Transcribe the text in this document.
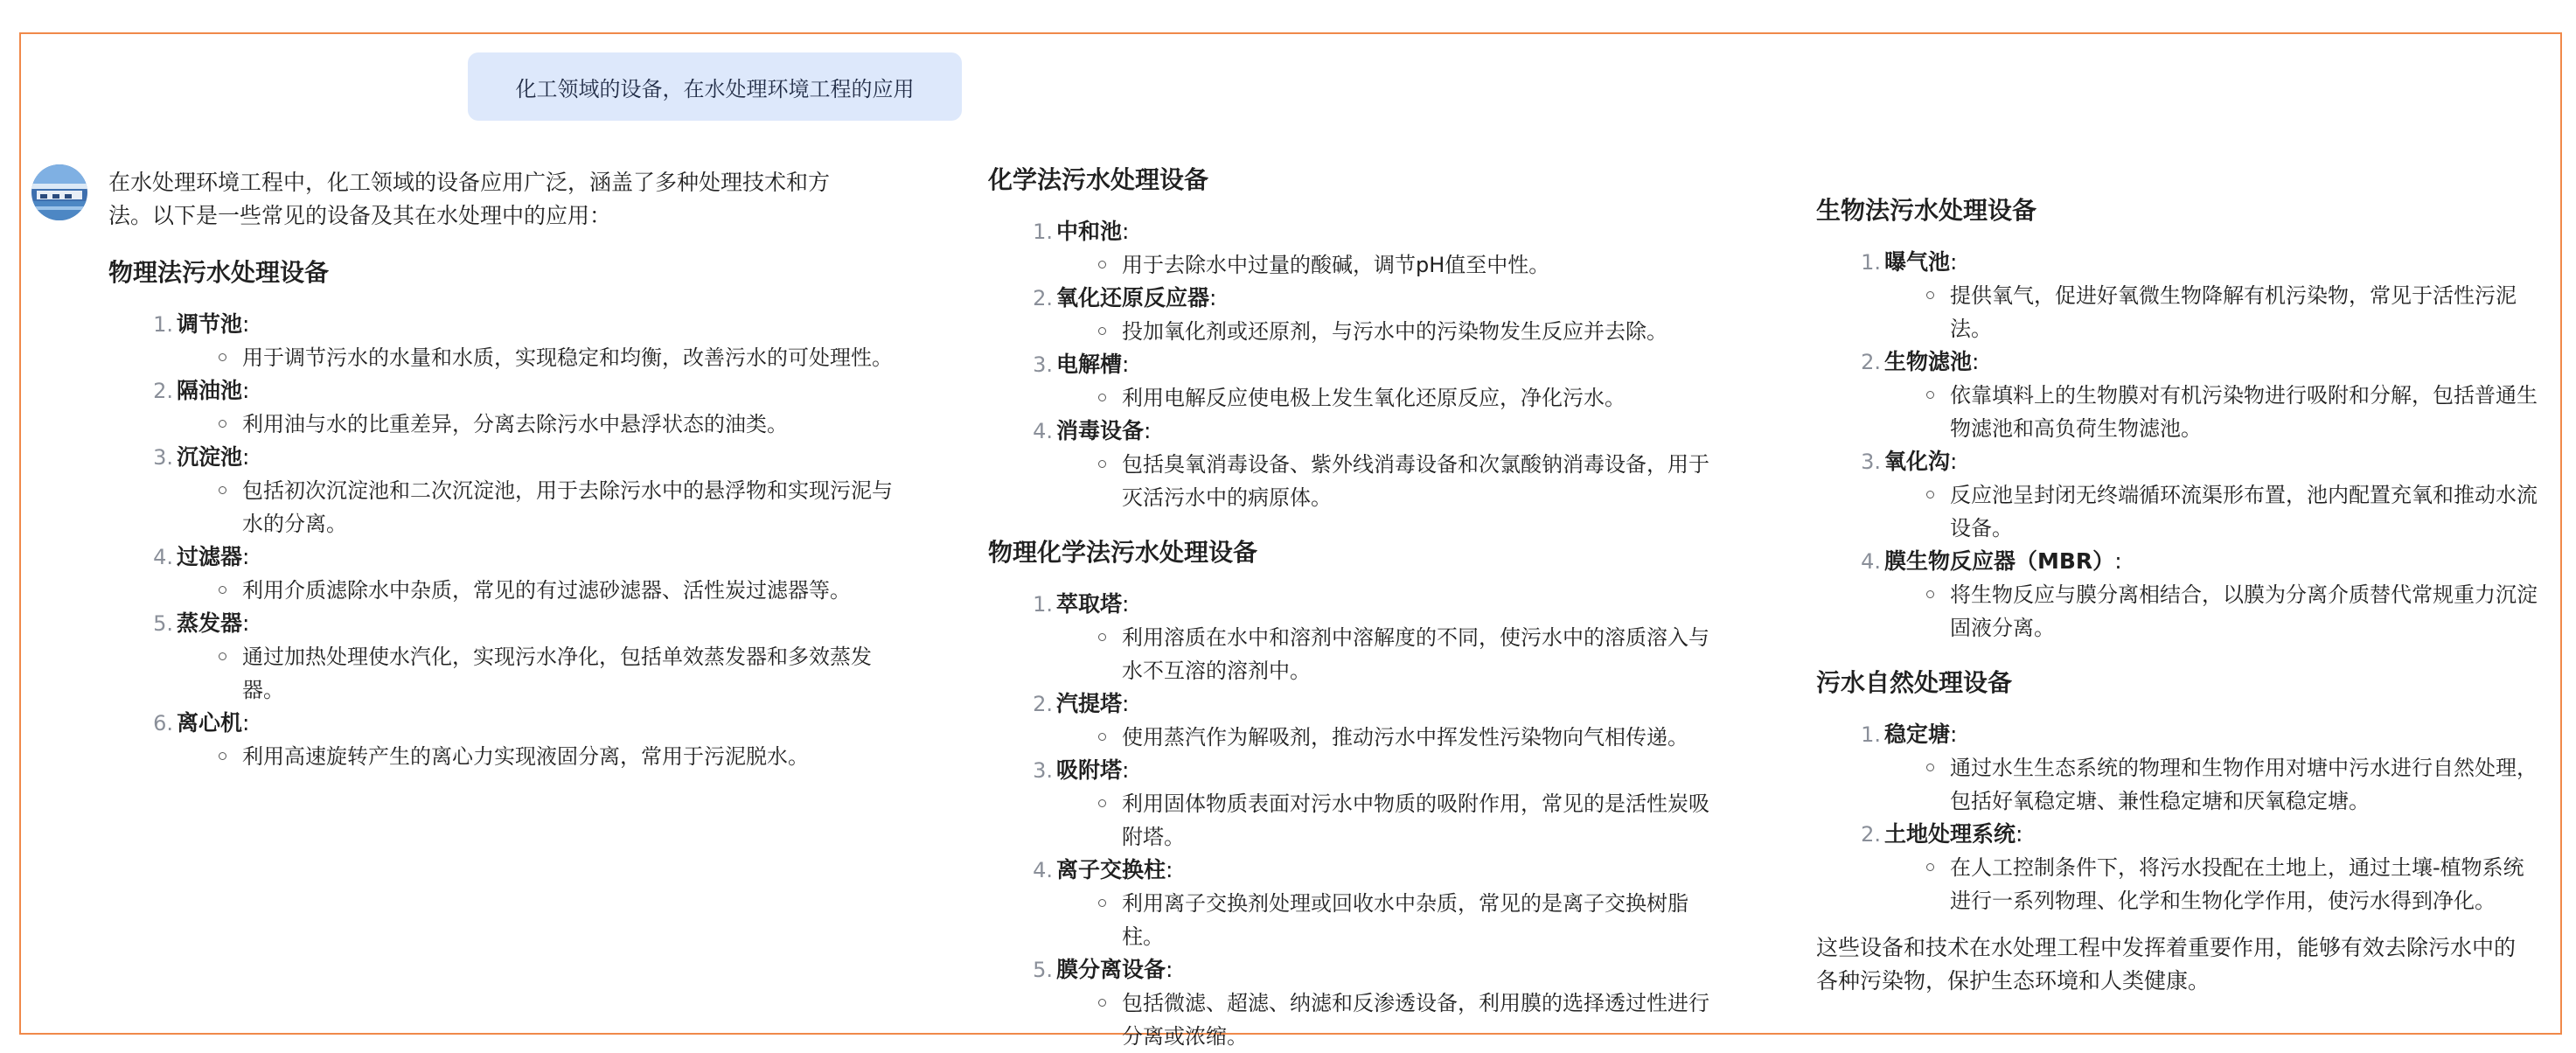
化工领域的设备，在水处理环境工程的应用

在水处理环境工程中，化工领域的设备应用广泛，涵盖了多种处理技术和方法。以下是一些常见的设备及其在水处理中的应用：

物理法污水处理设备
1. 调节池:
用于调节污水的水量和水质，实现稳定和均衡，改善污水的可处理性。
2. 隔油池:
利用油与水的比重差异，分离去除污水中悬浮状态的油类。
3. 沉淀池:
包括初次沉淀池和二次沉淀池，用于去除污水中的悬浮物和实现污泥与水的分离。
4. 过滤器:
利用介质滤除水中杂质，常见的有过滤砂滤器、活性炭过滤器等。
5. 蒸发器:
通过加热处理使水汽化，实现污水净化，包括单效蒸发器和多效蒸发器。
6. 离心机:
利用高速旋转产生的离心力实现液固分离，常用于污泥脱水。
化学法污水处理设备
1. 中和池:
用于去除水中过量的酸碱，调节pH值至中性。
2. 氧化还原反应器:
投加氧化剂或还原剂，与污水中的污染物发生反应并去除。
3. 电解槽:
利用电解反应使电极上发生氧化还原反应，净化污水。
4. 消毒设备:
包括臭氧消毒设备、紫外线消毒设备和次氯酸钠消毒设备，用于灭活污水中的病原体。
物理化学法污水处理设备
1. 萃取塔:
利用溶质在水中和溶剂中溶解度的不同，使污水中的溶质溶入与水不互溶的溶剂中。
2. 汽提塔:
使用蒸汽作为解吸剂，推动污水中挥发性污染物向气相传递。
3. 吸附塔:
利用固体物质表面对污水中物质的吸附作用，常见的是活性炭吸附塔。
4. 离子交换柱:
利用离子交换剂处理或回收水中杂质，常见的是离子交换树脂柱。
5. 膜分离设备:
包括微滤、超滤、纳滤和反渗透设备，利用膜的选择透过性进行分离或浓缩。
生物法污水处理设备
1. 曝气池:
提供氧气，促进好氧微生物降解有机污染物，常见于活性污泥法。
2. 生物滤池:
依靠填料上的生物膜对有机污染物进行吸附和分解，包括普通生物滤池和高负荷生物滤池。
3. 氧化沟:
反应池呈封闭无终端循环流渠形布置，池内配置充氧和推动水流设备。
4. 膜生物反应器（MBR）:
将生物反应与膜分离相结合，以膜为分离介质替代常规重力沉淀固液分离。
污水自然处理设备
1. 稳定塘:
通过水生生态系统的物理和生物作用对塘中污水进行自然处理，包括好氧稳定塘、兼性稳定塘和厌氧稳定塘。
2. 土地处理系统:
在人工控制条件下，将污水投配在土地上，通过土壤-植物系统进行一系列物理、化学和生物化学作用，使污水得到净化。

这些设备和技术在水处理工程中发挥着重要作用，能够有效去除污水中的各种污染物，保护生态环境和人类健康。
